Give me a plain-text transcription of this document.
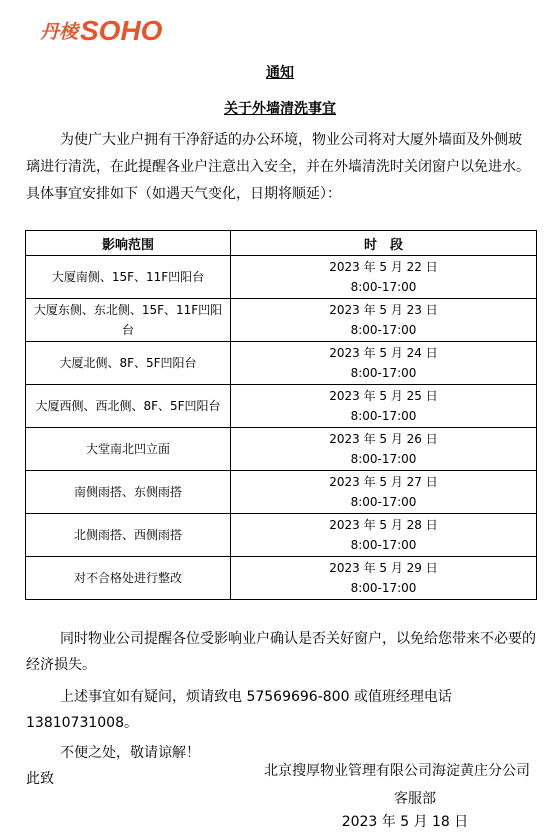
丹棱 SOHO
通知
关于外墙清洗事宜

为使广大业户拥有干净舒适的办公环境，物业公司将对大厦外墙面及外侧玻璃进行清洗，在此提醒各业户注意出入安全，并在外墙清洗时关闭窗户以免进水。

具体事宜安排如下（如遇天气变化，日期将顺延）：

影响范围	时　段
大厦南侧、15F、11F凹阳台	2023 年 5 月 22 日
8:00-17:00

大厦东侧、东北侧、15F、11F凹阳台	2023 年 5 月 23 日
8:00-17:00

大厦北侧、8F、5F凹阳台	2023 年 5 月 24 日
8:00-17:00

大厦西侧、西北侧、8F、5F凹阳台	2023 年 5 月 25 日
8:00-17:00

大堂南北凹立面	2023 年 5 月 26 日
8:00-17:00

南侧雨搭、东侧雨搭	2023 年 5 月 27 日
8:00-17:00

北侧雨搭、西侧雨搭	2023 年 5 月 28 日
8:00-17:00

对不合格处进行整改	2023 年 5 月 29 日
8:00-17:00

同时物业公司提醒各位受影响业户确认是否关好窗户，以免给您带来不必要的经济损失。

上述事宜如有疑问，烦请致电 57569696-800 或值班经理电话 13810731008。

不便之处，敬请谅解！

此致	北京搜厚物业管理有限公司海淀黄庄分公司
客服部
2023 年 5 月 18 日
